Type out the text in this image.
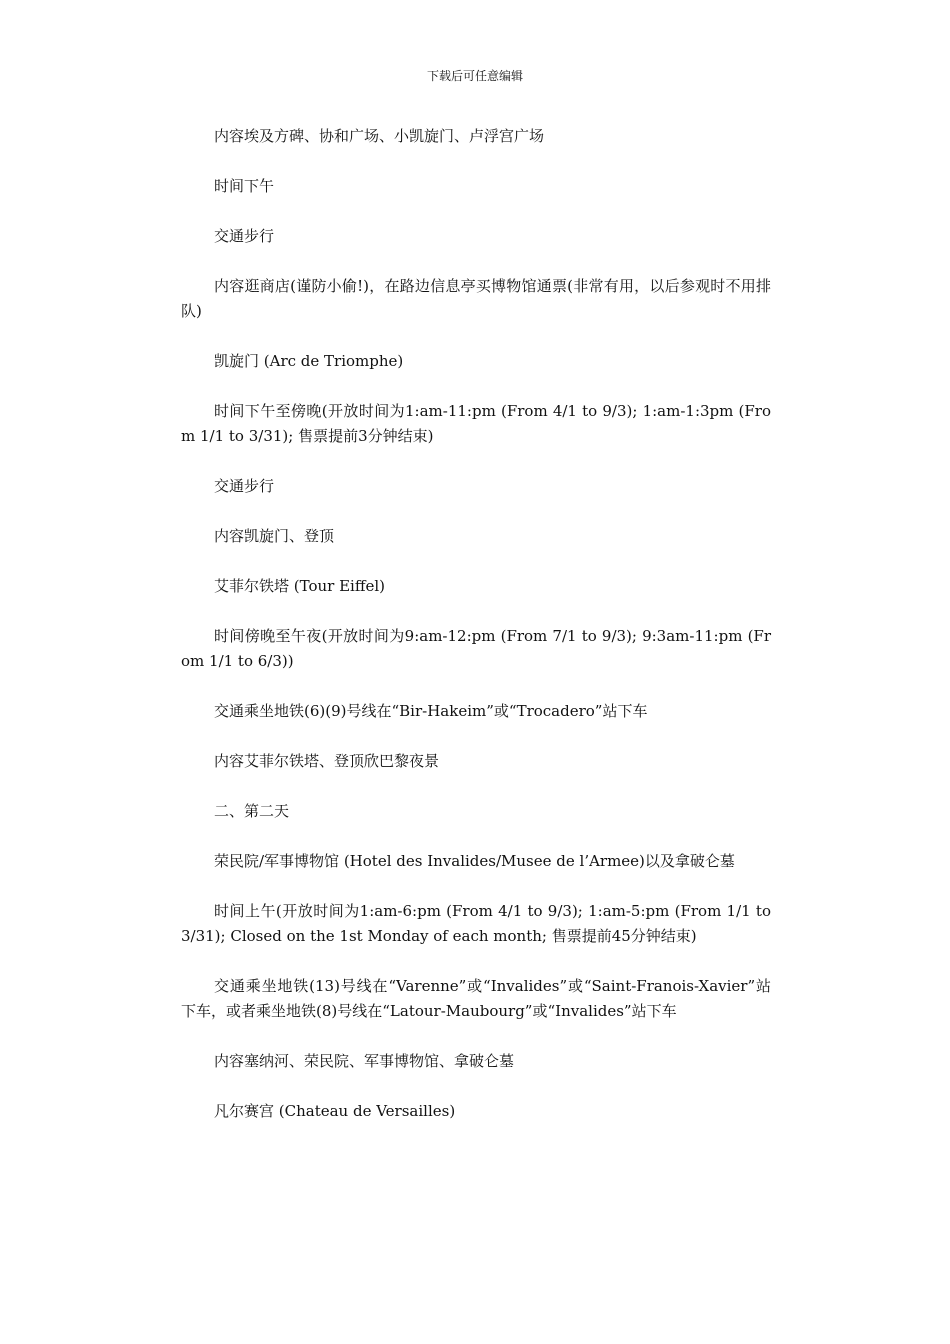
下载后可任意编辑

内容埃及方碑、协和广场、小凯旋门、卢浮宫广场

时间下午

交通步行

内容逛商店(谨防小偷!)，在路边信息亭买博物馆通票(非常有用，以后参观时不用排队)

凯旋门 (Arc de Triomphe)

时间下午至傍晚(开放时间为1:am-11:pm (From 4/1 to 9/3); 1:am-1:3pm (From 1/1 to 3/31); 售票提前3分钟结束)

交通步行

内容凯旋门、登顶

艾菲尔铁塔 (Tour Eiffel)

时间傍晚至午夜(开放时间为9:am-12:pm (From 7/1 to 9/3); 9:3am-11:pm (From 1/1 to 6/3))

交通乘坐地铁(6)(9)号线在“Bir-Hakeim”或“Trocadero”站下车

内容艾菲尔铁塔、登顶欣巴黎夜景

二、第二天

荣民院/军事博物馆 (Hotel des Invalides/Musee de l’Armee)以及拿破仑墓

时间上午(开放时间为1:am-6:pm (From 4/1 to 9/3); 1:am-5:pm (From 1/1 to 3/31); Closed on the 1st Monday of each month; 售票提前45分钟结束)

交通乘坐地铁(13)号线在“Varenne”或“Invalides”或“Saint-Franois-Xavier”站下车，或者乘坐地铁(8)号线在“Latour-Maubourg”或“Invalides”站下车

内容塞纳河、荣民院、军事博物馆、拿破仑墓

凡尔赛宫 (Chateau de Versailles)
